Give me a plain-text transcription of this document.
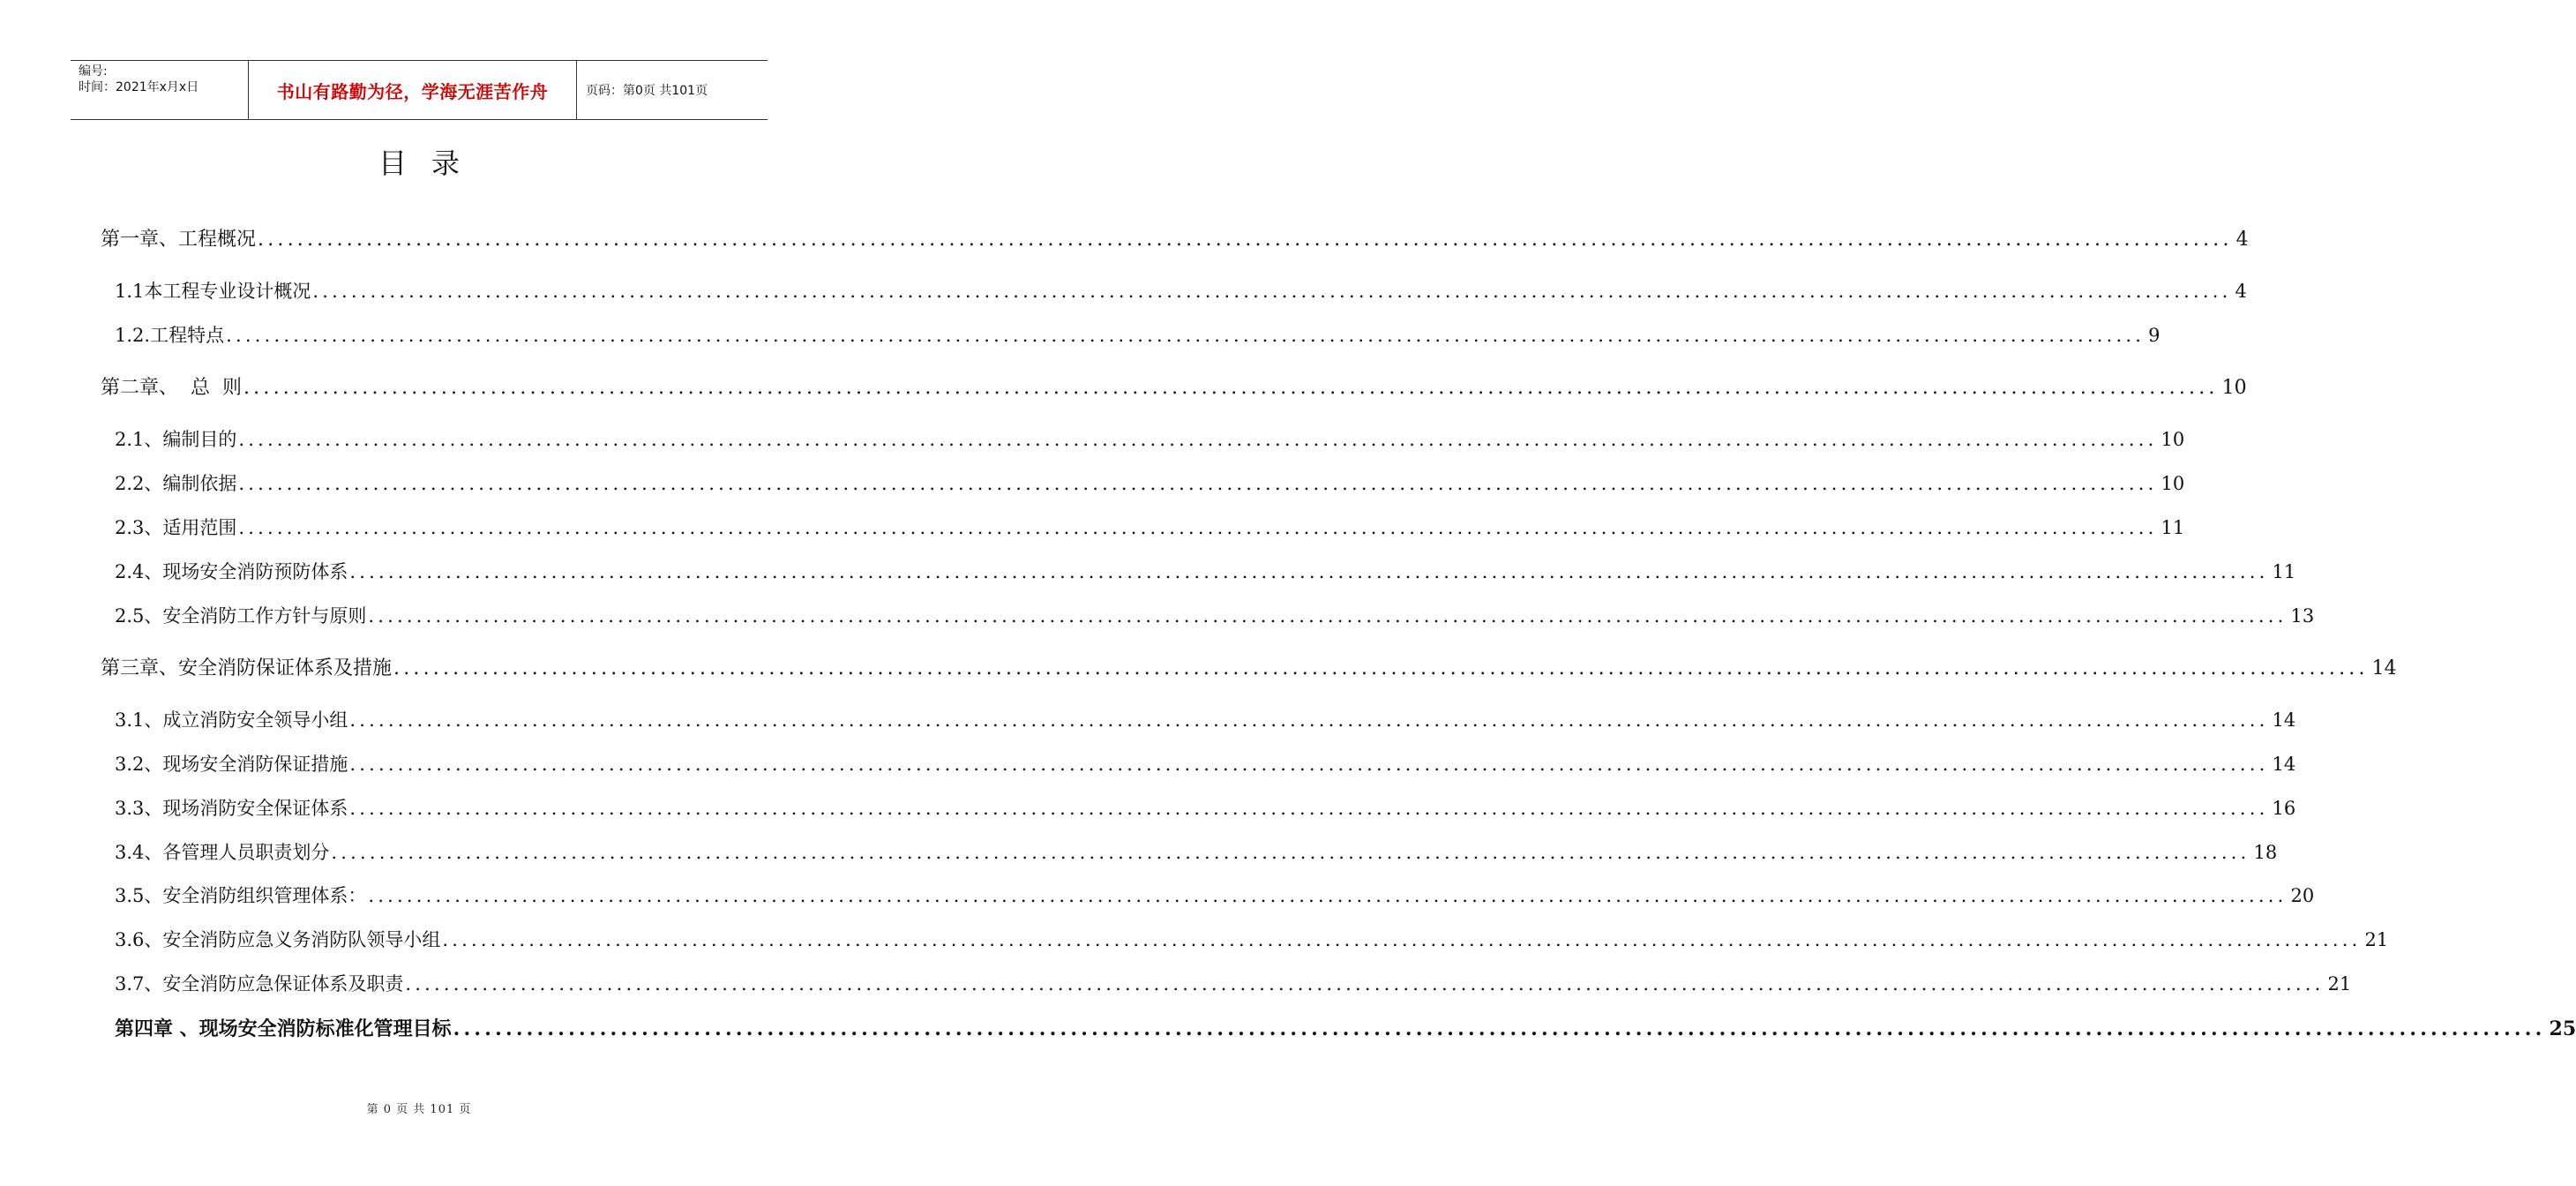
编号:
时间：2021年x月x日	书山有路勤为径，学海无涯苦作舟	页码：第0页 共101页
目录
第一章、工程概况 ........................................................................................................................................................................................................ 4
1.1本工程专业设计概况 ........................................................................................................................................................................................................ 4
1.2.工程特点 ........................................................................................................................................................................................................ 9
第二章、  总  则 ........................................................................................................................................................................................................ 10
2.1、编制目的 ........................................................................................................................................................................................................ 10
2.2、编制依据 ........................................................................................................................................................................................................ 10
2.3、适用范围 ........................................................................................................................................................................................................ 11
2.4、现场安全消防预防体系 ........................................................................................................................................................................................................ 11
2.5、安全消防工作方针与原则 ........................................................................................................................................................................................................ 13
第三章、安全消防保证体系及措施 ........................................................................................................................................................................................................ 14
3.1、成立消防安全领导小组 ........................................................................................................................................................................................................ 14
3.2、现场安全消防保证措施 ........................................................................................................................................................................................................ 14
3.3、现场消防安全保证体系 ........................................................................................................................................................................................................ 16
3.4、各管理人员职责划分 ........................................................................................................................................................................................................ 18
3.5、安全消防组织管理体系： ........................................................................................................................................................................................................ 20
3.6、安全消防应急义务消防队领导小组 ........................................................................................................................................................................................................ 21
3.7、安全消防应急保证体系及职责 ........................................................................................................................................................................................................ 21
第四章 、现场安全消防标准化管理目标 ........................................................................................................................................................................................................ 25
第 0 页 共 101 页
